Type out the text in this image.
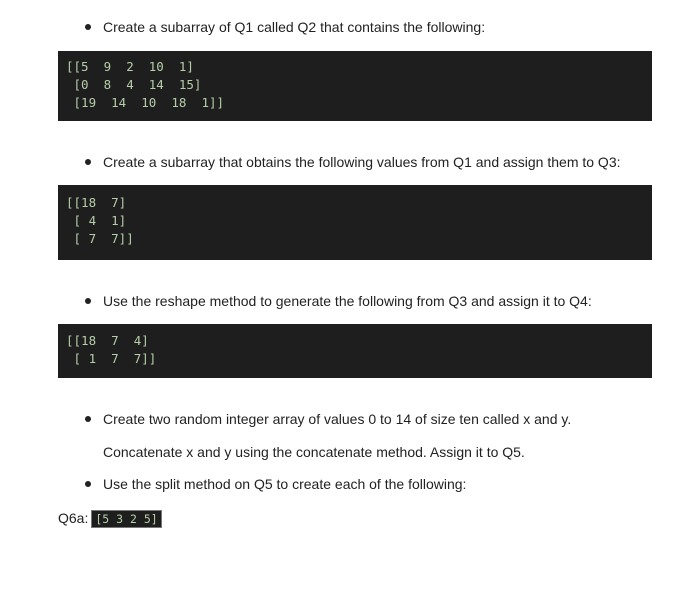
Create a subarray of Q1 called Q2 that contains the following:
[[5  9  2  10  1]
[0  8  4  14  15]
[19  14  10  18  1]]
Create a subarray that obtains the following values from Q1 and assign them to Q3:
[[18  7]
[ 4  1]
[ 7  7]]
Use the reshape method to generate the following from Q3 and assign it to Q4:
[[18  7  4]
[ 1  7  7]]
Create two random integer array of values 0 to 14 of size ten called x and y.
Concatenate x and y using the concatenate method. Assign it to Q5.
Use the split method on Q5 to create each of the following:
Q6a: [5 3 2 5]
